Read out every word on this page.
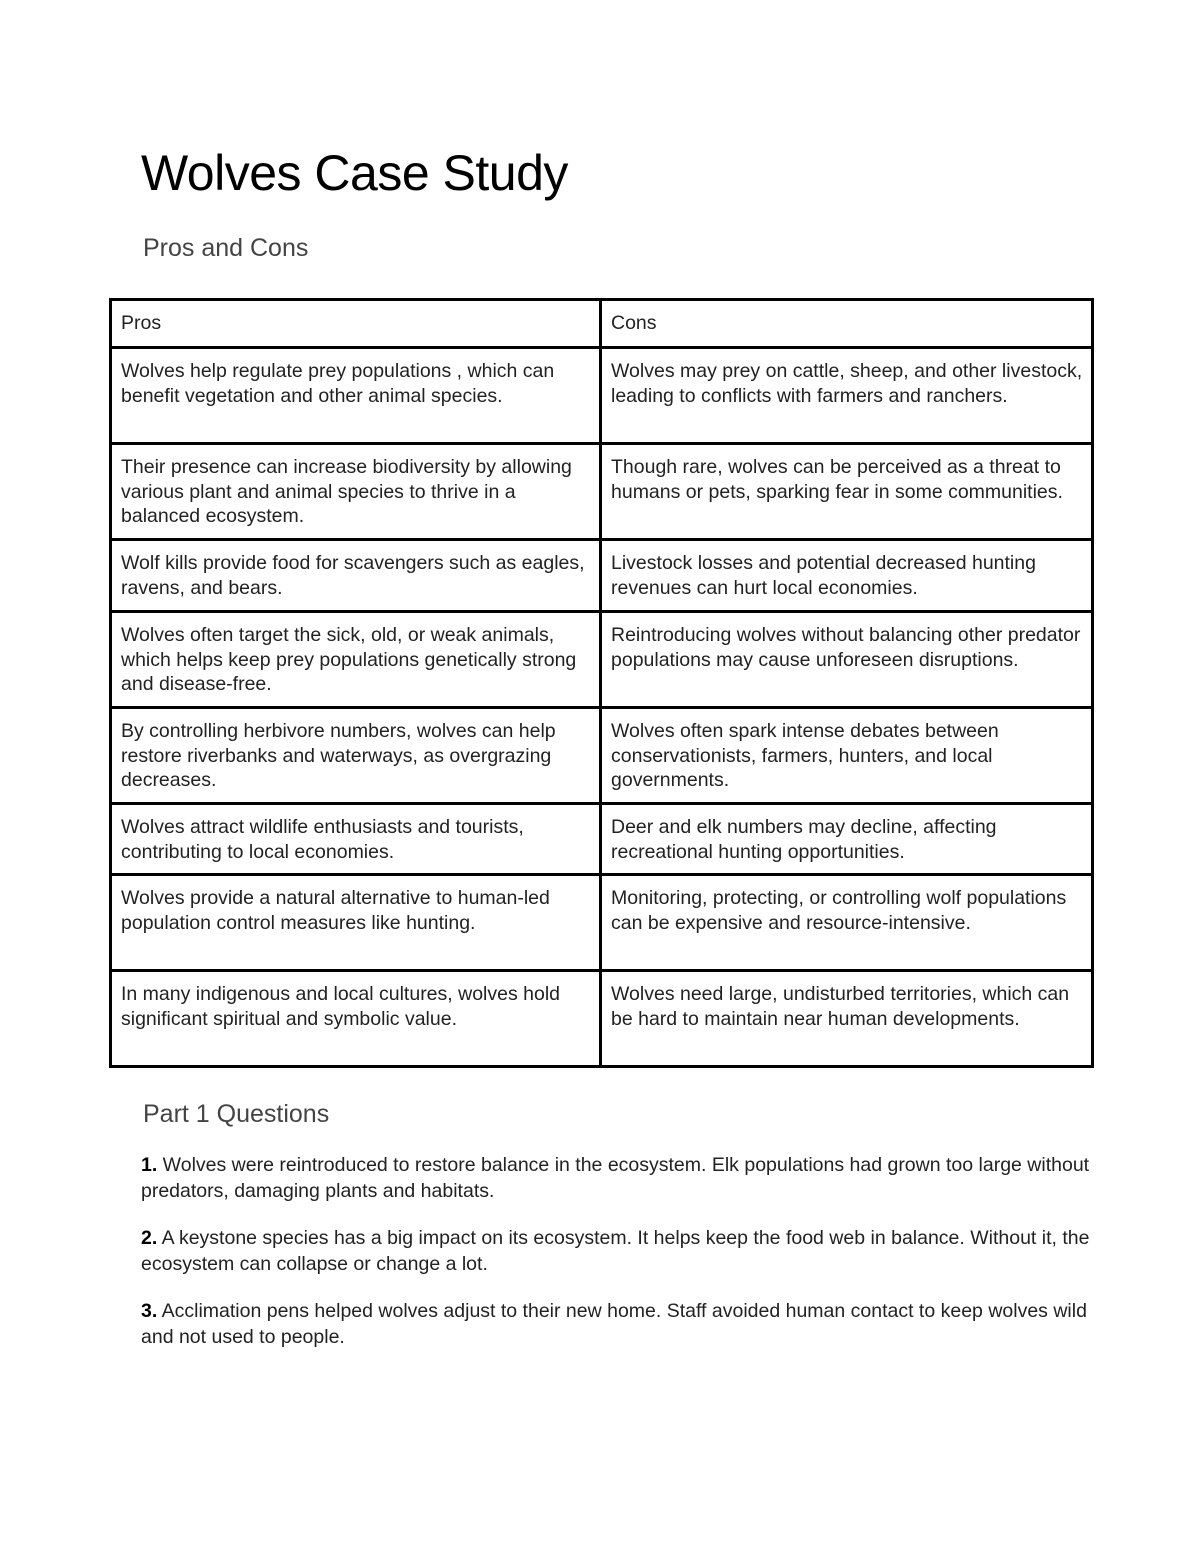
Wolves Case Study
Pros and Cons
Pros	Cons
Wolves help regulate prey populations , which can benefit vegetation and other animal species.	Wolves may prey on cattle, sheep, and other livestock, leading to conflicts with farmers and ranchers.
Their presence can increase biodiversity by allowing various plant and animal species to thrive in a balanced ecosystem.	Though rare, wolves can be perceived as a threat to humans or pets, sparking fear in some communities.
Wolf kills provide food for scavengers such as eagles, ravens, and bears.	Livestock losses and potential decreased hunting revenues can hurt local economies.
Wolves often target the sick, old, or weak animals, which helps keep prey populations genetically strong and disease-free.	Reintroducing wolves without balancing other predator populations may cause unforeseen disruptions.
By controlling herbivore numbers, wolves can help restore riverbanks and waterways, as overgrazing decreases.	Wolves often spark intense debates between conservationists, farmers, hunters, and local governments.
Wolves attract wildlife enthusiasts and tourists, contributing to local economies.	Deer and elk numbers may decline, affecting recreational hunting opportunities.
Wolves provide a natural alternative to human-led population control measures like hunting.	Monitoring, protecting, or controlling wolf populations can be expensive and resource-intensive.
In many indigenous and local cultures, wolves hold significant spiritual and symbolic value.	Wolves need large, undisturbed territories, which can be hard to maintain near human developments.
Part 1 Questions
1. Wolves were reintroduced to restore balance in the ecosystem. Elk populations had grown too large without predators, damaging plants and habitats.
2. A keystone species has a big impact on its ecosystem. It helps keep the food web in balance. Without it, the ecosystem can collapse or change a lot.
3. Acclimation pens helped wolves adjust to their new home. Staff avoided human contact to keep wolves wild and not used to people.
